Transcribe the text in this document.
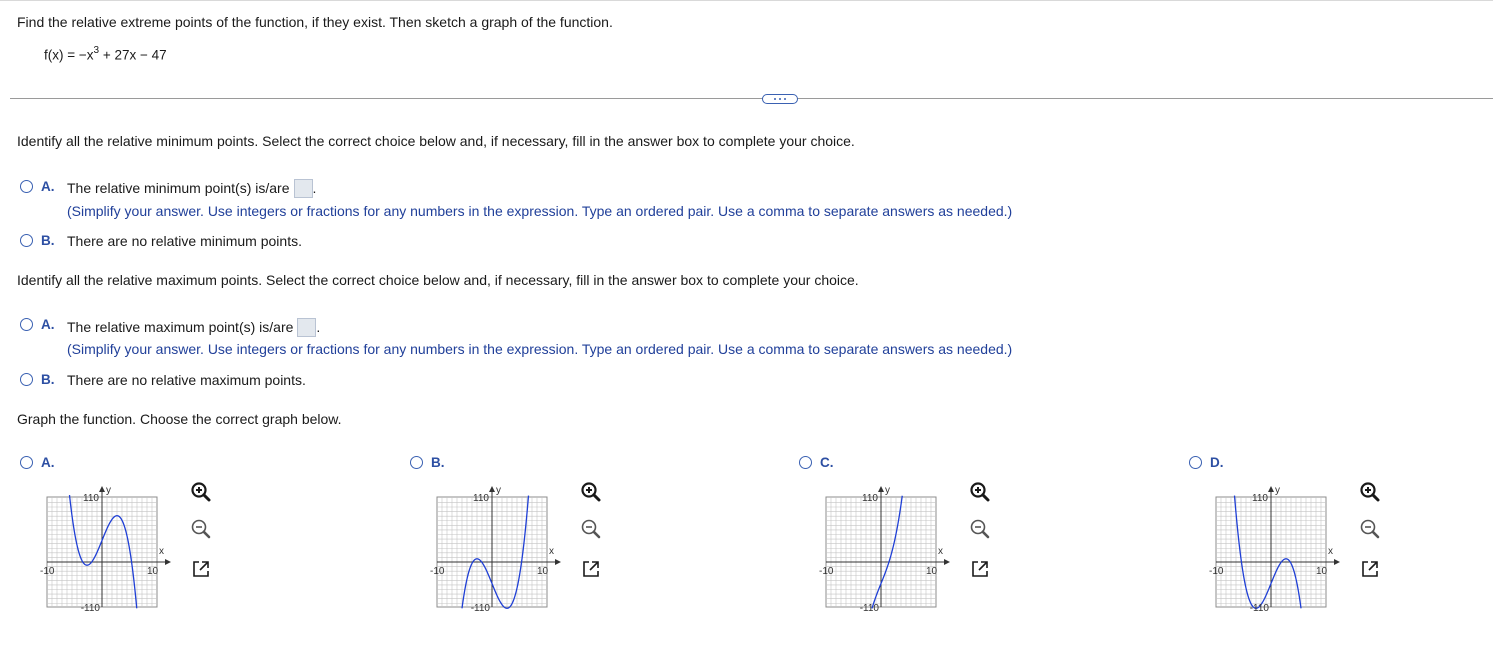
Find the relative extreme points of the function, if they exist. Then sketch a graph of the function.
$f(x) = -x^3 + 27x - 47$
Identify all the relative minimum points. Select the correct choice below and, if necessary, fill in the answer box to complete your choice.
A. The relative minimum point(s) is/are .
(Simplify your answer. Use integers or fractions for any numbers in the expression. Type an ordered pair. Use a comma to separate answers as needed.)
B. There are no relative minimum points.
Identify all the relative maximum points. Select the correct choice below and, if necessary, fill in the answer box to complete your choice.
A. The relative maximum point(s) is/are .
(Simplify your answer. Use integers or fractions for any numbers in the expression. Type an ordered pair. Use a comma to separate answers as needed.)
B. There are no relative maximum points.
Graph the function. Choose the correct graph below.
A.
110
-110
-10	10
x
y
B.
110
-110
-10	10
x
y
C.
110
-110
-10	10
x
y
D.
110
-110
-10	10
x
y
